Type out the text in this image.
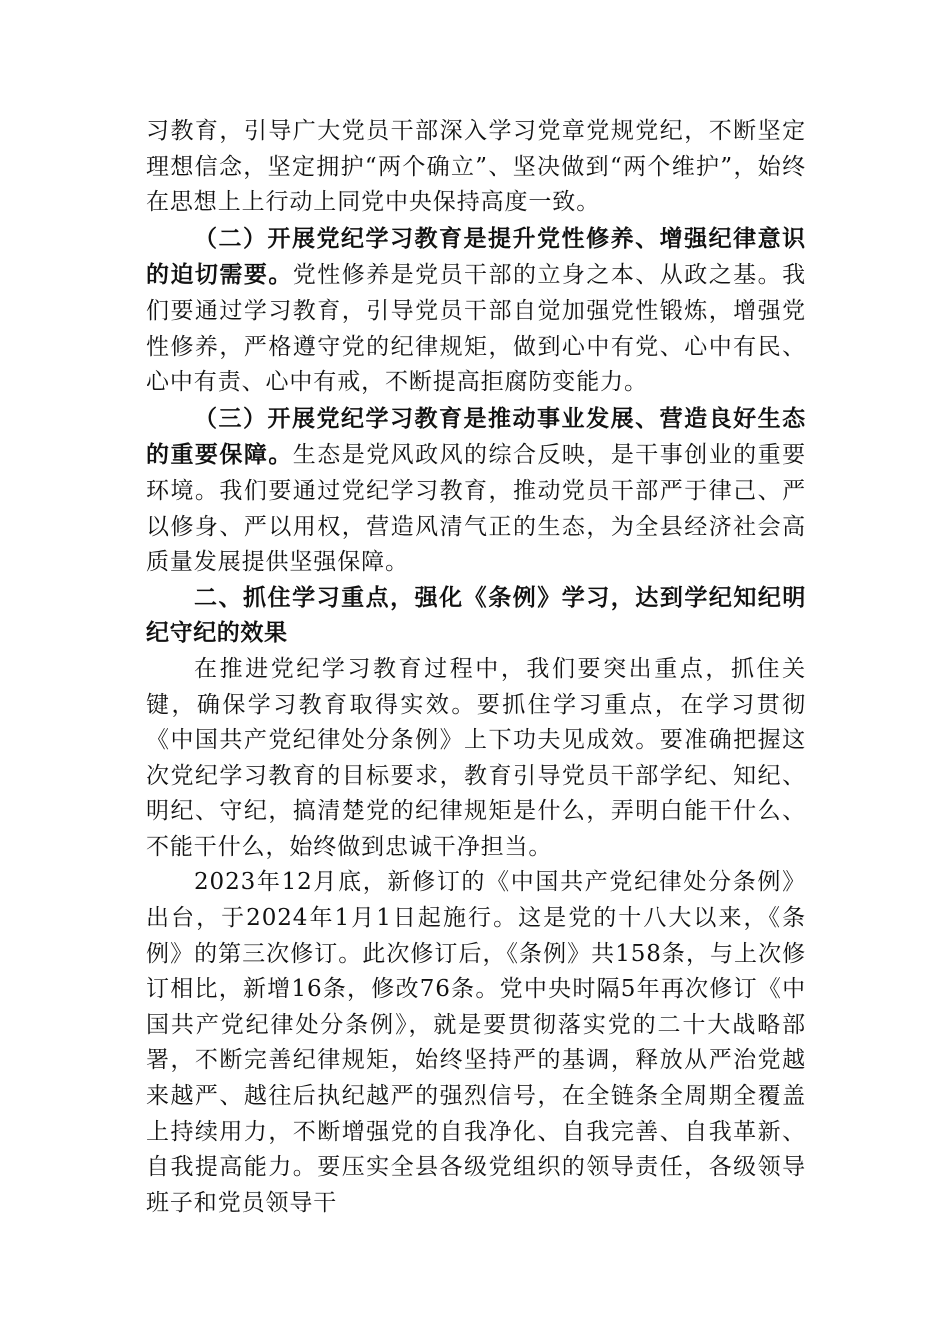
习教育，引导广大党员干部深入学习党章党规党纪，不断坚定理想信念，坚定拥护“两个确立”、坚决做到“两个维护”，始终在思想上上行动上同党中央保持高度一致。

（二）开展党纪学习教育是提升党性修养、增强纪律意识的迫切需要。党性修养是党员干部的立身之本、从政之基。我们要通过学习教育，引导党员干部自觉加强党性锻炼，增强党性修养，严格遵守党的纪律规矩，做到心中有党、心中有民、心中有责、心中有戒，不断提高拒腐防变能力。

（三）开展党纪学习教育是推动事业发展、营造良好生态的重要保障。生态是党风政风的综合反映，是干事创业的重要环境。我们要通过党纪学习教育，推动党员干部严于律己、严以修身、严以用权，营造风清气正的生态，为全县经济社会高质量发展提供坚强保障。

二、抓住学习重点，强化《条例》学习，达到学纪知纪明纪守纪的效果

在推进党纪学习教育过程中，我们要突出重点，抓住关键，确保学习教育取得实效。要抓住学习重点，在学习贯彻《中国共产党纪律处分条例》上下功夫见成效。要准确把握这次党纪学习教育的目标要求，教育引导党员干部学纪、知纪、明纪、守纪，搞清楚党的纪律规矩是什么，弄明白能干什么、不能干什么，始终做到忠诚干净担当。

2023年12月底，新修订的《中国共产党纪律处分条例》出台，于2024年1月1日起施行。这是党的十八大以来，《条例》的第三次修订。此次修订后，《条例》共158条，与上次修订相比，新增16条，修改76条。党中央时隔5年再次修订《中国共产党纪律处分条例》，就是要贯彻落实党的二十大战略部署，不断完善纪律规矩，始终坚持严的基调，释放从严治党越来越严、越往后执纪越严的强烈信号，在全链条全周期全覆盖上持续用力，不断增强党的自我净化、自我完善、自我革新、自我提高能力。要压实全县各级党组织的领导责任，各级领导班子和党员领导干
